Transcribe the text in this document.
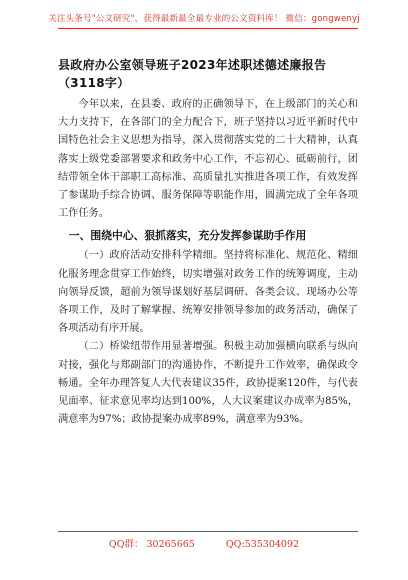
关注头条号"公文研究"，获得最新最全最专业的公文资料库！ 微信：gongwenyj
县政府办公室领导班子2023年述职述德述廉报告（3118字）

今年以来，在县委、政府的正确领导下，在上级部门的关心和大力支持下，在各部门的全力配合下，班子坚持以习近平新时代中国特色社会主义思想为指导，深入贯彻落实党的二十大精神，认真落实上级党委部署要求和政务中心工作，不忘初心、砥砺前行，团结带领全体干部职工高标准、高质量扎实推进各项工作，有效发挥了参谋助手综合协调、服务保障等职能作用，圆满完成了全年各项工作任务。

一、围绕中心、狠抓落实，充分发挥参谋助手作用

（一）政府活动安排科学精细。坚持将标准化、规范化、精细化服务理念贯穿工作始终，切实增强对政务工作的统筹调度，主动向领导反馈，超前为领导谋划好基层调研、各类会议、现场办公等各项工作，及时了解掌握、统筹安排领导参加的政务活动，确保了各项活动有序开展。

（二）桥梁纽带作用显著增强。积极主动加强横向联系与纵向对接，强化与郑副部门的沟通协作，不断提升工作效率，确保政令畅通。全年办理答复人大代表建议35件，政协提案120件，与代表见面率、征求意见率均达到100%，人大议案建议办成率为85%，满意率为97%；政协提案办成率89%，满意率为93%。

QQ群： 30265665	QQ:535304092
